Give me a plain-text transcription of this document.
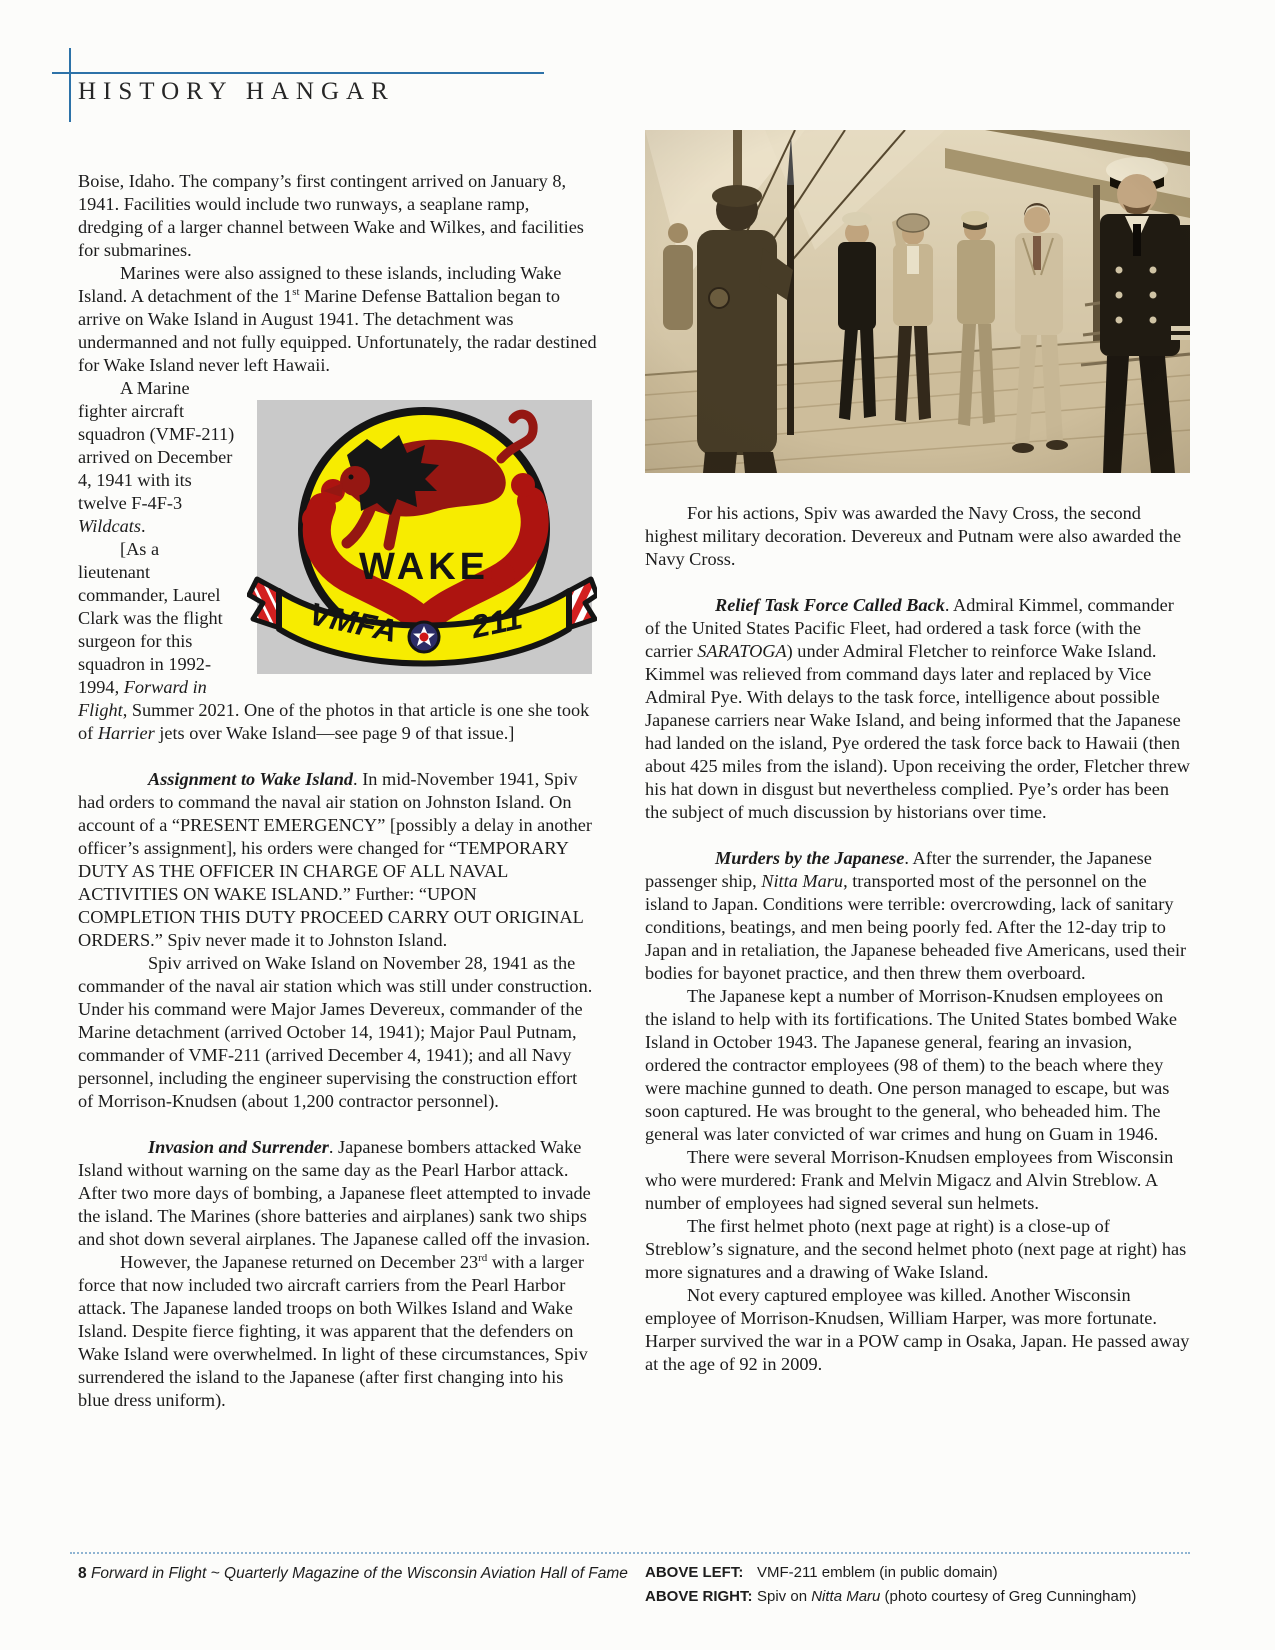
HISTORY HANGAR

Boise, Idaho. The company’s first contingent arrived on January 8, 1941. Facilities would include two runways, a seaplane ramp, dredging of a larger channel between Wake and Wilkes, and facilities for submarines.

Marines were also assigned to these islands, including Wake Island. A detachment of the 1st Marine Defense Battalion began to arrive on Wake Island in August 1941. The detachment was undermanned and not fully equipped. Unfortunately, the radar destined for Wake Island never left Hawaii.

WAKE
VMFA 211

A Marine fighter aircraft squadron (VMF-211) arrived on December 4, 1941 with its twelve F-4F-3 Wildcats.

[As a lieutenant commander, Laurel Clark was the flight surgeon for this squadron in 1992-1994, Forward in Flight, Summer 2021. One of the photos in that article is one she took of Harrier jets over Wake Island—see page 9 of that issue.]

Assignment to Wake Island. In mid-November 1941, Spiv had orders to command the naval air station on Johnston Island. On account of a “PRESENT EMERGENCY” [possibly a delay in another officer’s assignment], his orders were changed for “TEMPORARY DUTY AS THE OFFICER IN CHARGE OF ALL NAVAL ACTIVITIES ON WAKE ISLAND.” Further: “UPON COMPLETION THIS DUTY PROCEED CARRY OUT ORIGINAL ORDERS.” Spiv never made it to Johnston Island.

Spiv arrived on Wake Island on November 28, 1941 as the commander of the naval air station which was still under construction. Under his command were Major James Devereux, commander of the Marine detachment (arrived October 14, 1941); Major Paul Putnam, commander of VMF-211 (arrived December 4, 1941); and all Navy personnel, including the engineer supervising the construction effort of Morrison-Knudsen (about 1,200 contractor personnel).

Invasion and Surrender. Japanese bombers attacked Wake Island without warning on the same day as the Pearl Harbor attack. After two more days of bombing, a Japanese fleet attempted to invade the island. The Marines (shore batteries and airplanes) sank two ships and shot down several airplanes. The Japanese called off the invasion.

However, the Japanese returned on December 23rd with a larger force that now included two aircraft carriers from the Pearl Harbor attack. The Japanese landed troops on both Wilkes Island and Wake Island. Despite fierce fighting, it was apparent that the defenders on Wake Island were overwhelmed. In light of these circumstances, Spiv surrendered the island to the Japanese (after first changing into his blue dress uniform).

For his actions, Spiv was awarded the Navy Cross, the second highest military decoration. Devereux and Putnam were also awarded the Navy Cross.

Relief Task Force Called Back. Admiral Kimmel, commander of the United States Pacific Fleet, had ordered a task force (with the carrier SARATOGA) under Admiral Fletcher to reinforce Wake Island. Kimmel was relieved from command days later and replaced by Vice Admiral Pye. With delays to the task force, intelligence about possible Japanese carriers near Wake Island, and being informed that the Japanese had landed on the island, Pye ordered the task force back to Hawaii (then about 425 miles from the island). Upon receiving the order, Fletcher threw his hat down in disgust but nevertheless complied. Pye’s order has been the subject of much discussion by historians over time.

Murders by the Japanese. After the surrender, the Japanese passenger ship, Nitta Maru, transported most of the personnel on the island to Japan. Conditions were terrible: overcrowding, lack of sanitary conditions, beatings, and men being poorly fed. After the 12-day trip to Japan and in retaliation, the Japanese beheaded five Americans, used their bodies for bayonet practice, and then threw them overboard.

The Japanese kept a number of Morrison-Knudsen employees on the island to help with its fortifications. The United States bombed Wake Island in October 1943. The Japanese general, fearing an invasion, ordered the contractor employees (98 of them) to the beach where they were machine gunned to death. One person managed to escape, but was soon captured. He was brought to the general, who beheaded him. The general was later convicted of war crimes and hung on Guam in 1946.

There were several Morrison-Knudsen employees from Wisconsin who were murdered: Frank and Melvin Migacz and Alvin Streblow. A number of employees had signed several sun helmets.

The first helmet photo (next page at right) is a close-up of Streblow’s signature, and the second helmet photo (next page at right) has more signatures and a drawing of Wake Island.

Not every captured employee was killed. Another Wisconsin employee of Morrison-Knudsen, William Harper, was more fortunate. Harper survived the war in a POW camp in Osaka, Japan. He passed away at the age of 92 in 2009.

8 Forward in Flight ~ Quarterly Magazine of the Wisconsin Aviation Hall of Fame ABOVE LEFT: VMF-211 emblem (in public domain)
ABOVE RIGHT: Spiv on Nitta Maru (photo courtesy of Greg Cunningham)
